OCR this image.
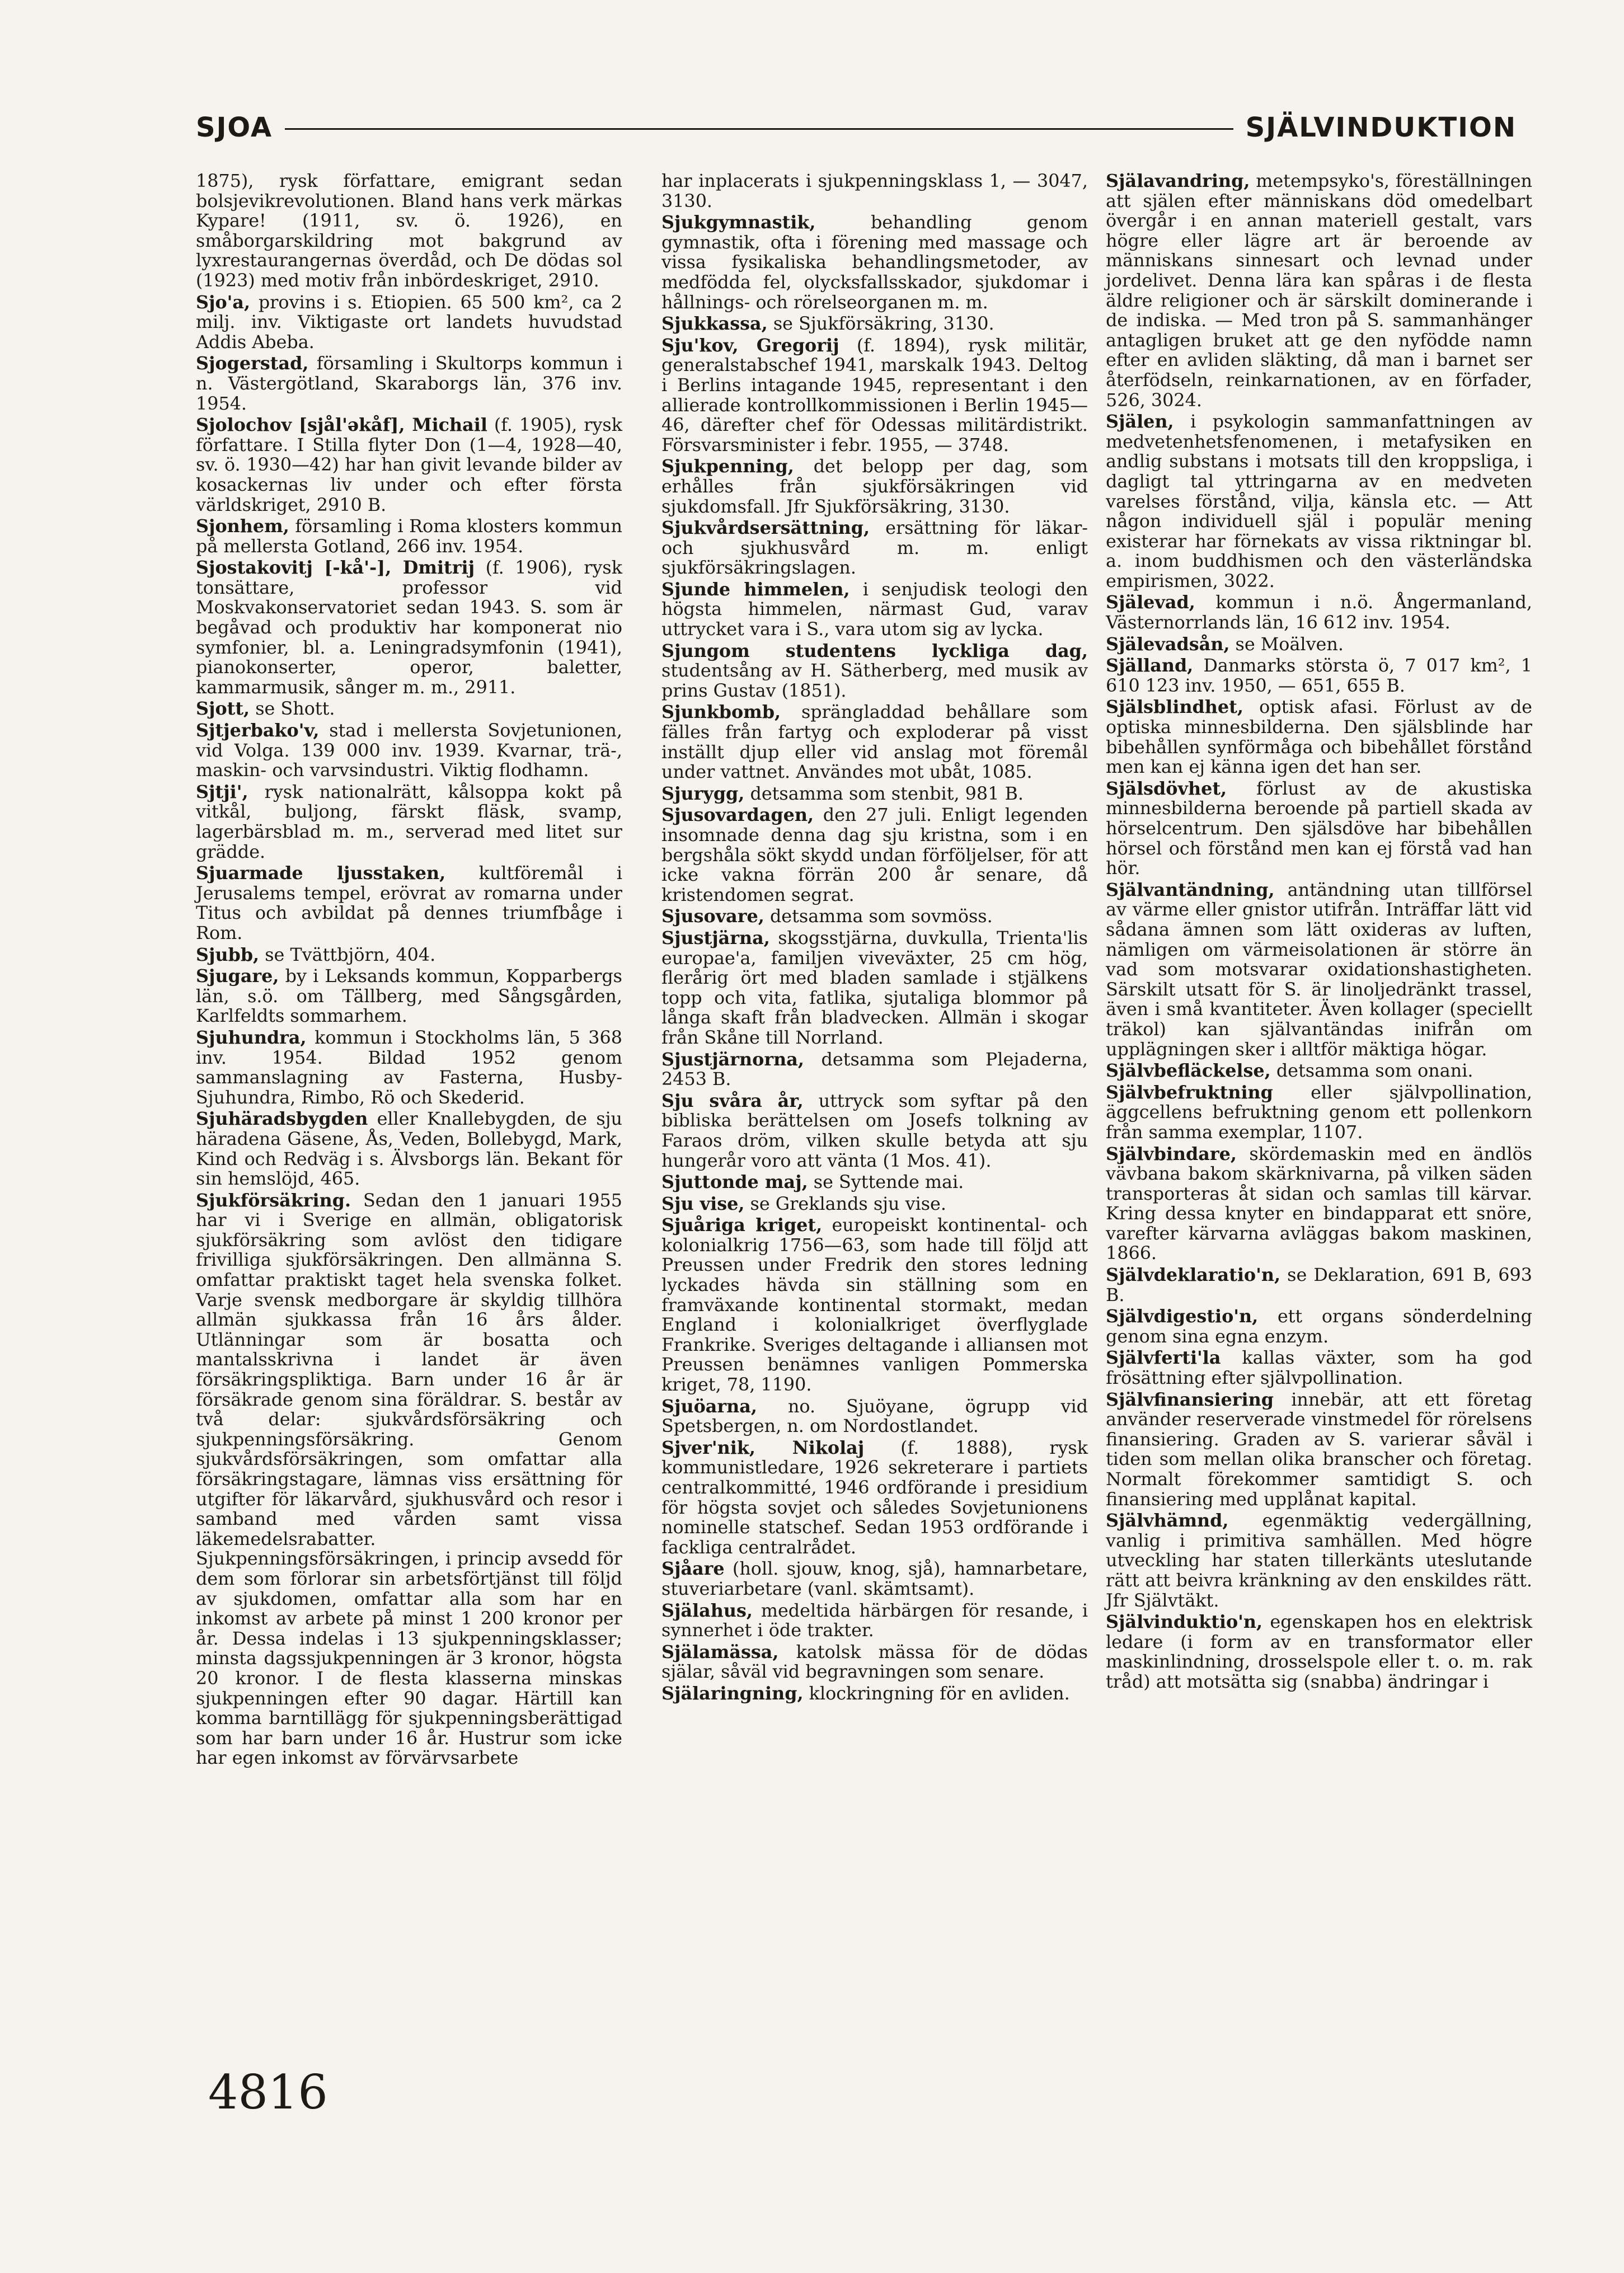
SJOA	SJÄLVINDUKTION
1875), rysk författare, emigrant sedan bolsjevikrevolutionen. Bland hans verk märkas Kypare! (1911, sv. ö. 1926), en småborgarskildring mot bakgrund av lyxrestaurangernas överdåd, och De dödas sol (1923) med motiv från inbördeskriget, 2910.
Sjo'a, provins i s. Etiopien. 65 500 km², ca 2 milj. inv. Viktigaste ort landets huvudstad Addis Abeba.
Sjogerstad, församling i Skultorps kommun i n. Västergötland, Skaraborgs län, 376 inv. 1954.
Sjolochov [sjål'əkåf], Michail (f. 1905), rysk författare. I Stilla flyter Don (1—4, 1928—40, sv. ö. 1930—42) har han givit levande bilder av kosackernas liv under och efter första världskriget, 2910 B.
Sjonhem, församling i Roma klosters kommun på mellersta Gotland, 266 inv. 1954.
Sjostakovitj [-kå'-], Dmitrij (f. 1906), rysk tonsättare, professor vid Moskvakonservatoriet sedan 1943. S. som är begåvad och produktiv har komponerat nio symfonier, bl. a. Leningradsymfonin (1941), pianokonserter, operor, baletter, kammarmusik, sånger m. m., 2911.
Sjott, se Shott.
Sjtjerbako'v, stad i mellersta Sovjetunionen, vid Volga. 139 000 inv. 1939. Kvarnar, trä-, maskin- och varvsindustri. Viktig flodhamn.
Sjtji', rysk nationalrätt, kålsoppa kokt på vitkål, buljong, färskt fläsk, svamp, lagerbärsblad m. m., serverad med litet sur grädde.
Sjuarmade ljusstaken, kultföremål i Jerusalems tempel, erövrat av romarna under Titus och avbildat på dennes triumfbåge i Rom.
Sjubb, se Tvättbjörn, 404.
Sjugare, by i Leksands kommun, Kopparbergs län, s.ö. om Tällberg, med Sångsgården, Karlfeldts sommarhem.
Sjuhundra, kommun i Stockholms län, 5 368 inv. 1954. Bildad 1952 genom sammanslagning av Fasterna, Husby-Sjuhundra, Rimbo, Rö och Skederid.
Sjuhäradsbygden eller Knallebygden, de sju häradena Gäsene, Ås, Veden, Bollebygd, Mark, Kind och Redväg i s. Älvsborgs län. Bekant för sin hemslöjd, 465.
Sjukförsäkring. Sedan den 1 januari 1955 har vi i Sverige en allmän, obligatorisk sjukförsäkring som avlöst den tidigare frivilliga sjukförsäkringen. Den allmänna S. omfattar praktiskt taget hela svenska folket. Varje svensk medborgare är skyldig tillhöra allmän sjukkassa från 16 års ålder. Utlänningar som är bosatta och mantalsskrivna i landet är även försäkringspliktiga. Barn under 16 år är försäkrade genom sina föräldrar. S. består av två delar: sjukvårdsförsäkring och sjukpenningsförsäkring. Genom sjukvårdsförsäkringen, som omfattar alla försäkringstagare, lämnas viss ersättning för utgifter för läkarvård, sjukhusvård och resor i samband med vården samt vissa läkemedelsrabatter. Sjukpenningsförsäkringen, i princip avsedd för dem som förlorar sin arbetsförtjänst till följd av sjukdomen, omfattar alla som har en inkomst av arbete på minst 1 200 kronor per år. Dessa indelas i 13 sjukpenningsklasser; minsta dagssjukpenningen är 3 kronor, högsta 20 kronor. I de flesta klasserna minskas sjukpenningen efter 90 dagar. Härtill kan komma barntillägg för sjukpenningsberättigad som har barn under 16 år. Hustrur som icke har egen inkomst av förvärvsarbete
har inplacerats i sjukpenningsklass 1, — 3047, 3130.
Sjukgymnastik,	behandling genom gymnastik, ofta i förening med massage och vissa fysikaliska behandlingsmetoder, av medfödda fel, olycksfallsskador, sjukdomar i hållnings- och rörelseorganen m. m.
Sjukkassa, se Sjukförsäkring, 3130.
Sju'kov, Gregorij (f. 1894), rysk militär, generalstabschef 1941, marskalk 1943. Deltog i Berlins intagande 1945, representant i den allierade kontrollkommissionen i Berlin 1945—46, därefter chef för Odessas militärdistrikt. Försvarsminister i febr. 1955, — 3748.
Sjukpenning, det belopp per dag, som erhålles från sjukförsäkringen vid sjukdomsfall. Jfr Sjukförsäkring, 3130.
Sjukvårdsersättning, ersättning för läkar- och sjukhusvård m. m. enligt sjukförsäkringslagen.
Sjunde himmelen, i senjudisk teologi den högsta himmelen, närmast Gud, varav uttrycket vara i S., vara utom sig av lycka.
Sjungom studentens lyckliga dag, studentsång av H. Sätherberg, med musik av prins Gustav (1851).
Sjunkbomb, sprängladdad behållare som fälles från fartyg och exploderar på visst inställt djup eller vid anslag mot föremål under vattnet. Användes mot ubåt, 1085.
Sjurygg, detsamma som stenbit, 981 B.
Sjusovardagen, den 27 juli. Enligt legenden insomnade denna dag sju kristna, som i en bergshåla sökt skydd undan förföljelser, för att icke vakna förrän 200 år senare, då kristendomen segrat.
Sjusovare, detsamma som sovmöss.
Sjustjärna, skogsstjärna, duvkulla, Trienta'lis europae'a, familjen viveväxter, 25 cm hög, flerårig ört med bladen samlade i stjälkens topp och vita, fatlika, sjutaliga blommor på långa skaft från bladvecken. Allmän i skogar från Skåne till Norrland.
Sjustjärnorna, detsamma som Plejaderna, 2453 B.
Sju svåra år, uttryck som syftar på den bibliska berättelsen om Josefs tolkning av Faraos dröm, vilken skulle betyda att sju hungerår voro att vänta (1 Mos. 41).
Sjuttonde maj, se Syttende mai.
Sju vise, se Greklands sju vise.
Sjuåriga kriget, europeiskt kontinental- och kolonialkrig 1756—63, som hade till följd att Preussen under Fredrik den stores ledning lyckades hävda sin ställning som en framväxande kontinental stormakt, medan England i kolonialkriget överflyglade Frankrike. Sveriges deltagande i alliansen mot Preussen benämnes vanligen Pommerska kriget, 78, 1190.
Sjuöarna, no. Sjuöyane, ögrupp vid Spetsbergen, n. om Nordostlandet.
Sjver'nik, Nikolaj (f. 1888), rysk kommunistledare, 1926 sekreterare i partiets centralkommitté, 1946 ordförande i presidium för högsta sovjet och således Sovjetunionens nominelle statschef. Sedan 1953 ordförande i fackliga centralrådet.
Sjåare (holl. sjouw, knog, sjå), hamnarbetare, stuveriarbetare (vanl. skämtsamt).
Själahus, medeltida härbärgen för resande, i synnerhet i öde trakter.
Själamässa, katolsk mässa för de dödas själar, såväl vid begravningen som senare.
Själaringning, klockringning för en avliden.
Själavandring, metempsyko's, föreställningen att själen efter människans död omedelbart övergår i en annan materiell gestalt, vars högre eller lägre art är beroende av människans sinnesart och levnad under jordelivet. Denna lära kan spåras i de flesta äldre religioner och är särskilt dominerande i de indiska. — Med tron på S. sammanhänger antagligen bruket att ge den nyfödde namn efter en avliden släkting, då man i barnet ser återfödseln, reinkarnationen, av en förfader, 526, 3024.
Själen, i psykologin sammanfattningen av medvetenhetsfenomenen, i metafysiken en andlig substans i motsats till den kroppsliga, i dagligt tal yttringarna av en medveten varelses förstånd, vilja, känsla etc. — Att någon individuell själ i populär mening existerar har förnekats av vissa riktningar bl. a. inom buddhismen och den västerländska empirismen, 3022.
Själevad, kommun i n.ö. Ångermanland, Västernorrlands län, 16 612 inv. 1954.
Själevadsån, se Moälven.
Själland, Danmarks största ö, 7 017 km², 1 610 123 inv. 1950, — 651, 655 B.
Själsblindhet, optisk afasi. Förlust av de optiska minnesbilderna. Den själsblinde har bibehållen synförmåga och bibehållet förstånd men kan ej känna igen det han ser.
Själsdövhet, förlust av de akustiska minnesbilderna beroende på partiell skada av hörselcentrum. Den själsdöve har bibehållen hörsel och förstånd men kan ej förstå vad han hör.
Självantändning, antändning utan tillförsel av värme eller gnistor utifrån. Inträffar lätt vid sådana ämnen som lätt oxideras av luften, nämligen om värmeisolationen är större än vad som motsvarar oxidationshastigheten. Särskilt utsatt för S. är linoljedränkt trassel, även i små kvantiteter. Även kollager (speciellt träkol) kan självantändas inifrån om upplägningen sker i alltför mäktiga högar.
Självbefläckelse, detsamma som onani.
Självbefruktning eller självpollination, äggcellens befruktning genom ett pollenkorn från samma exemplar, 1107.
Självbindare, skördemaskin med en ändlös vävbana bakom skärknivarna, på vilken säden transporteras åt sidan och samlas till kärvar. Kring dessa knyter en bindapparat ett snöre, varefter kärvarna avläggas bakom maskinen, 1866.
Självdeklaratio'n, se Deklaration, 691 B, 693 B.
Självdigestio'n, ett organs sönderdelning genom sina egna enzym.
Självferti'la kallas växter, som ha god frösättning efter självpollination.
Självfinansiering innebär, att ett företag använder reserverade vinstmedel för rörelsens finansiering. Graden av S. varierar såväl i tiden som mellan olika branscher och företag. Normalt förekommer samtidigt S. och finansiering med upplånat kapital.
Självhämnd, egenmäktig vedergällning, vanlig i primitiva samhällen. Med högre utveckling har staten tillerkänts uteslutande rätt att beivra kränkning av den enskildes rätt. Jfr Självtäkt.
Självinduktio'n, egenskapen hos en elektrisk ledare (i form av en transformator eller maskinlindning, drosselspole eller t. o. m. rak tråd) att motsätta sig (snabba) ändringar i
4816
